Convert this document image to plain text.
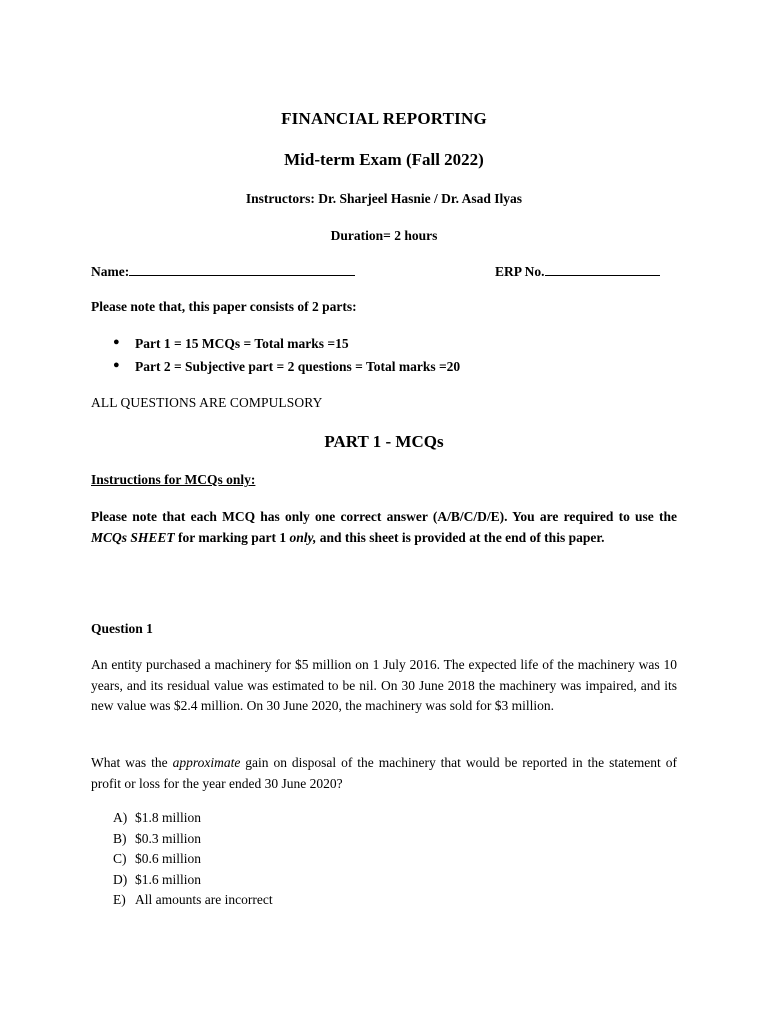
FINANCIAL REPORTING
Mid-term Exam (Fall 2022)
Instructors: Dr. Sharjeel Hasnie / Dr. Asad Ilyas
Duration= 2 hours
Name:	ERP No.
Please note that, this paper consists of 2 parts:
● Part 1 = 15 MCQs = Total marks =15
● Part 2 = Subjective part = 2 questions = Total marks =20
ALL QUESTIONS ARE COMPULSORY
PART 1 - MCQs
Instructions for MCQs only:
Please note that each MCQ has only one correct answer (A/B/C/D/E). You are required to use the MCQs SHEET for marking part 1 only, and this sheet is provided at the end of this paper.
Question 1
An entity purchased a machinery for $5 million on 1 July 2016. The expected life of the machinery was 10 years, and its residual value was estimated to be nil. On 30 June 2018 the machinery was impaired, and its new value was $2.4 million. On 30 June 2020, the machinery was sold for $3 million.
What was the approximate gain on disposal of the machinery that would be reported in the statement of profit or loss for the year ended 30 June 2020?
A) $1.8 million
B) $0.3 million
C) $0.6 million
D) $1.6 million
E) All amounts are incorrect
